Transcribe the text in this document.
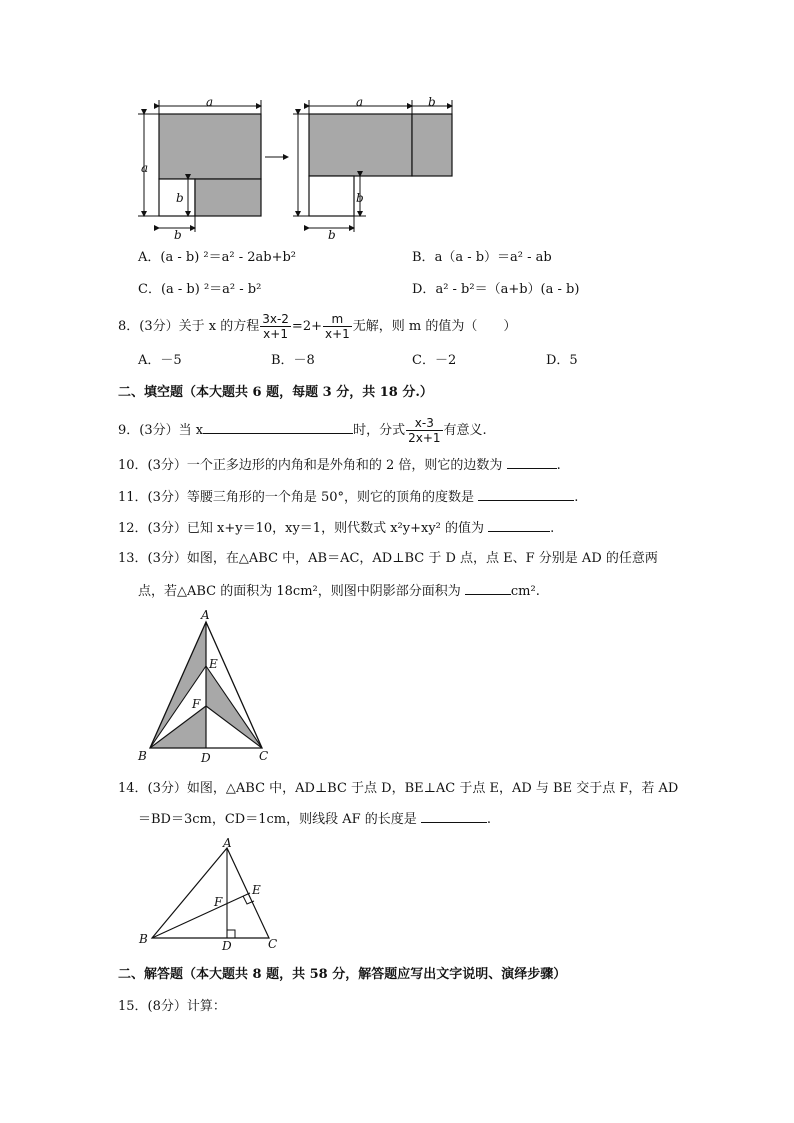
a
a
b
b
a	b
b
b
A．(a - b) ²＝a² - 2ab+b²	B．a（a - b）＝a² - ab
C．(a - b) ²＝a² - b²	D．a² - b²＝（a+b）(a - b)
8．(3分）关于 x 的方程 $\frac{3x-2}{x+1} =2+ \frac{m}{x+1}$ 无解，则 m 的值为（　　）
A．－5	B．－8	C．－2	D．5
二、填空题（本大题共 6 题，每题 3 分，共 18 分.）
9．(3分）当 x	时，分式 $\frac{x-3}{2x+1}$ 有意义.
10．(3分）一个正多边形的内角和是外角和的 2 倍，则它的边数为	.
11．(3分）等腰三角形的一个角是 50°，则它的顶角的度数是	.
12．(3分）已知 x+y＝10，xy＝1，则代数式 x²y+xy² 的值为	.
13．(3分）如图，在△ABC 中，AB＝AC，AD⊥BC 于 D 点，点 E、F 分别是 AD 的任意两
点，若△ABC 的面积为 18cm²，则图中阴影部分面积为	cm².
A
E
F
B	D	C
14．(3分）如图，△ABC 中，AD⊥BC 于点 D，BE⊥AC 于点 E，AD 与 BE 交于点 F，若 AD
＝BD＝3cm，CD＝1cm，则线段 AF 的长度是	.
A
E
F
B	D	C
二、解答题（本大题共 8 题，共 58 分，解答题应写出文字说明、演绎步骤）
15．(8分）计算：
